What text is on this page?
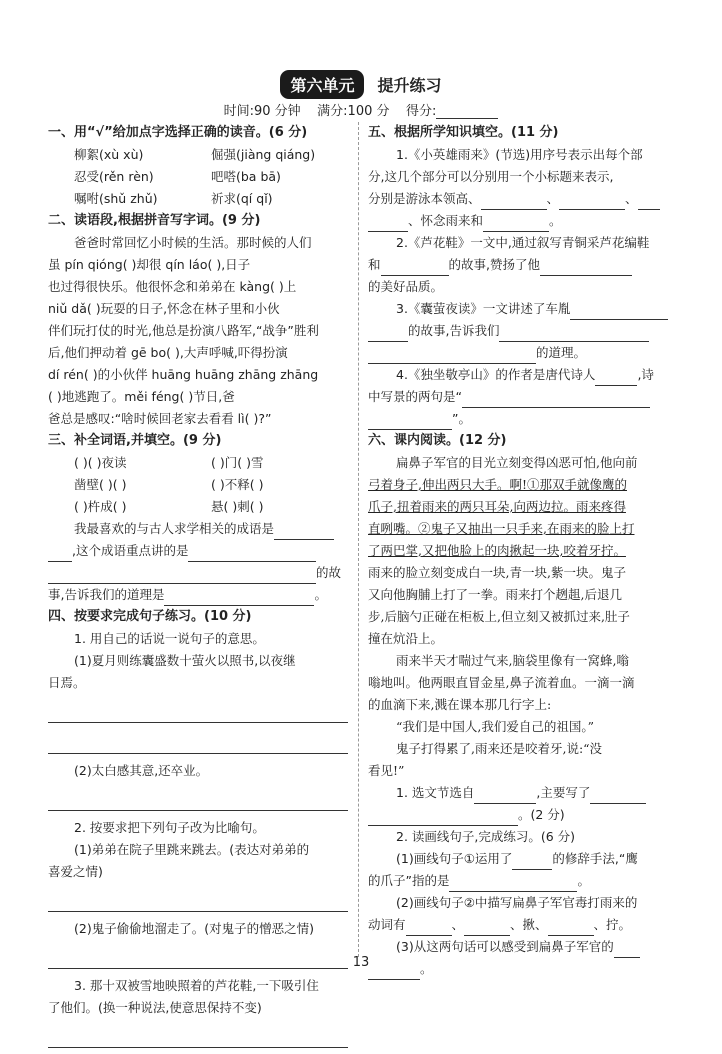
第六单元 提升练习
时间:90 分钟 满分:100 分 得分:
一、用“√”给加点字选择正确的读音。(6 分)
柳絮(xù xù)	倔强(jiàng qiáng)
忍受(rěn rèn)	吧嗒(ba bā)
嘱咐(shǔ zhǔ)	祈求(qí qǐ)
二、读语段,根据拼音写字词。(9 分)
爸爸时常回忆小时候的生活。那时候的人们
虽 pín qióng( )却很 qín láo( ),日子
也过得很快乐。他很怀念和弟弟在 kàng( )上
niǔ dǎ( )玩耍的日子,怀念在林子里和小伙
伴们玩打仗的时光,他总是扮演八路军,“战争”胜利
后,他们押动着 gē bo( ),大声呼喊,吓得扮演
dí rén( )的小伙伴 huāng huāng zhāng zhāng
( )地逃跑了。měi féng( )节日,爸
爸总是感叹:“啥时候回老家去看看 lì( )?”
三、补全词语,并填空。(9 分)
( )( )夜读	( )门( )雪
凿壁( )( )	( )不释( )
( )杵成( )	悬( )刺( )
我最喜欢的与古人求学相关的成语是
,这个成语重点讲的是
的故
事,告诉我们的道理是	。
四、按要求完成句子练习。(10 分)
1. 用自己的话说一说句子的意思。
(1)夏月则练囊盛数十萤火以照书,以夜继
日焉。
(2)太白感其意,还卒业。
2. 按要求把下列句子改为比喻句。
(1)弟弟在院子里跳来跳去。(表达对弟弟的
喜爱之情)
(2)鬼子偷偷地溜走了。(对鬼子的憎恶之情)
3. 那十双被雪地映照着的芦花鞋,一下吸引住
了他们。(换一种说法,使意思保持不变)
五、根据所学知识填空。(11 分)
1.《小英雄雨来》(节选)用序号表示出每个部
分,这几个部分可以分别用一个小标题来表示,
分别是游泳本领高、	、	、
、怀念雨来和	。
2.《芦花鞋》一文中,通过叙写青铜采芦花编鞋
和	的故事,赞扬了他
的美好品质。
3.《囊萤夜读》一文讲述了车胤
的故事,告诉我们
的道理。
4.《独坐敬亭山》的作者是唐代诗人	,诗
中写景的两句是“
”。
六、课内阅读。(12 分)
扁鼻子军官的目光立刻变得凶恶可怕,他向前
弓着身子,伸出两只大手。啊!①那双手就像鹰的
爪子,扭着雨来的两只耳朵,向两边拉。雨来疼得
直咧嘴。②鬼子又抽出一只手来,在雨来的脸上打
了两巴掌,又把他脸上的肉揪起一块,咬着牙拧。
雨来的脸立刻变成白一块,青一块,紫一块。鬼子
又向他胸脯上打了一拳。雨来打个趔趄,后退几
步,后脑勺正碰在柜板上,但立刻又被抓过来,肚子
撞在炕沿上。
雨来半天才喘过气来,脑袋里像有一窝蜂,嗡
嗡地叫。他两眼直冒金星,鼻子流着血。一滴一滴
的血滴下来,溅在课本那几行字上:
“我们是中国人,我们爱自己的祖国。”
鬼子打得累了,雨来还是咬着牙,说:“没
看见!”
1. 选文节选自	,主要写了
。(2 分)
2. 读画线句子,完成练习。(6 分)
(1)画线句子①运用了	的修辞手法,“鹰
的爪子”指的是	。
(2)画线句子②中描写扁鼻子军官毒打雨来的
动词有	、	、揪、	、拧。
(3)从这两句话可以感受到扁鼻子军官的
。
13
